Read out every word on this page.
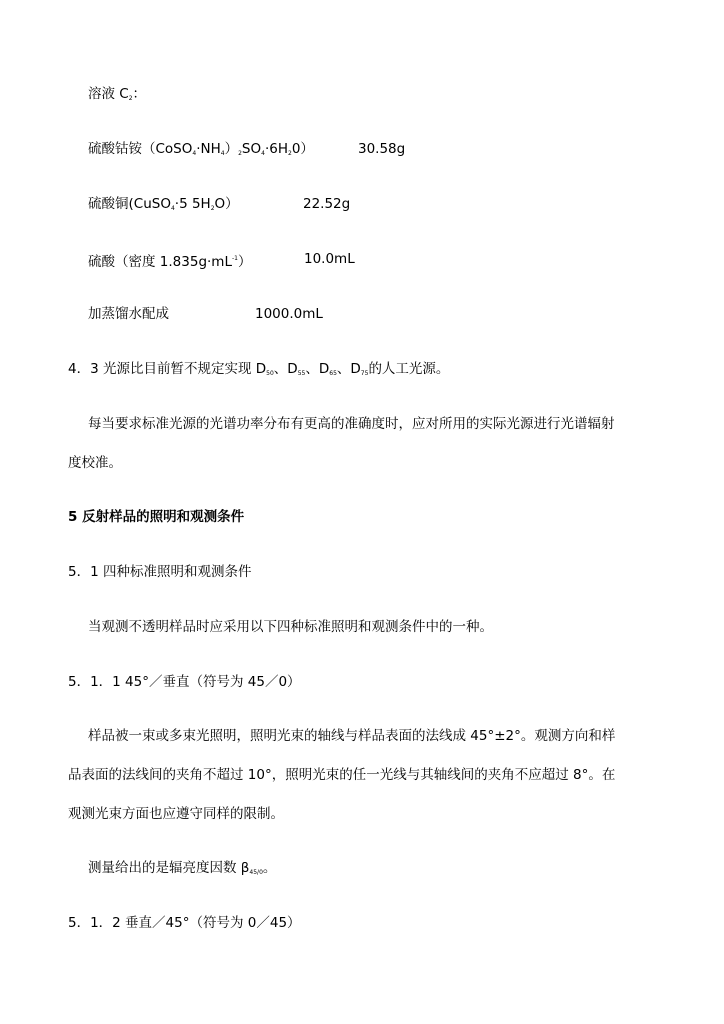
溶液 $C_2$：
硫酸钴铵$(CoSO_4\cdot NH_4)_2SO_4\cdot 6H_20$）	30.58g
硫酸铜(CuSO$_4$·5 $5H_2O$）	22.52g
硫酸（密度 $1.835g\cdot mL^{-1}$）	10.0mL
加蒸馏水配成	1000.0mL
4．3 光源比目前暂不规定实现 $D_{50}$、$D_{55}$、$D_{65}$、$D_{75}$的人工光源。
每当要求标准光源的光谱功率分布有更高的准确度时，应对所用的实际光源进行光谱辐射
度校准。
5 反射样品的照明和观测条件
5．1 四种标准照明和观测条件
当观测不透明样品时应采用以下四种标准照明和观测条件中的一种。
5．1．1 45°／垂直（符号为 45／0）
样品被一束或多束光照明，照明光束的轴线与样品表面的法线成 45°±2°。观测方向和样
品表面的法线间的夹角不超过 10°，照明光束的任一光线与其轴线间的夹角不应超过 8°。在
观测光束方面也应遵守同样的限制。
测量给出的是辐亮度因数 $\beta_{45/0}$。
5．1．2 垂直／45°（符号为 0／45）
